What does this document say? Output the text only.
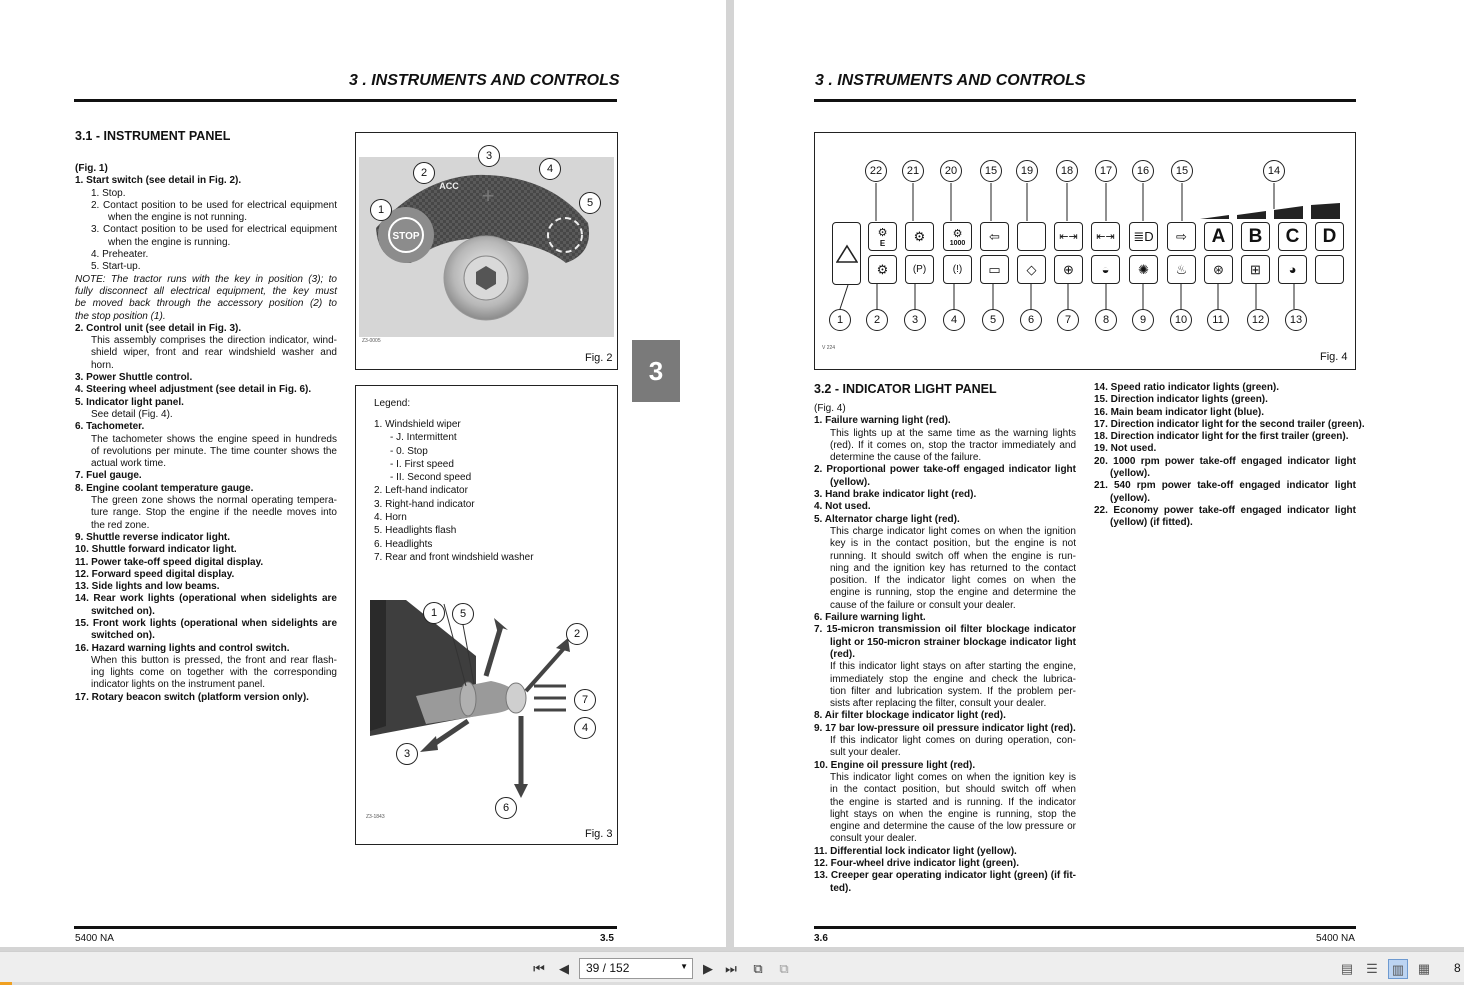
3 . INSTRUMENTS AND CONTROLS
3.1 - INSTRUMENT PANEL
(Fig. 1)
1. Start switch (see detail in Fig. 2).
1. Stop.
2. Contact position to be used for electrical equipment
when the engine is not running.
3. Contact position to be used for electrical equipment
when the engine is running.
4. Preheater.
5. Start-up.
NOTE: The tractor runs with the key in position (3); to
fully disconnect all electrical equipment, the key must
be moved back through the accessory position (2) to
the stop position (1).
2. Control unit (see detail in Fig. 3).
This assembly comprises the direction indicator, wind-
shield wiper, front and rear windshield washer and
horn.
3. Power Shuttle control.
4. Steering wheel adjustment (see detail in Fig. 6).
5. Indicator light panel.
See detail (Fig. 4).
6. Tachometer.
The tachometer shows the engine speed in hundreds
of revolutions per minute. The time counter shows the
actual work time.
7. Fuel gauge.
8. Engine coolant temperature gauge.
The green zone shows the normal operating tempera-
ture range. Stop the engine if the needle moves into
the red zone.
9. Shuttle reverse indicator light.
10. Shuttle forward indicator light.
11. Power take-off speed digital display.
12. Forward speed digital display.
13. Side lights and low beams.
14. Rear work lights (operational when sidelights are
switched on).
15. Front work lights (operational when sidelights are
switched on).
16. Hazard warning lights and control switch.
When this button is pressed, the front and rear flash-
ing lights come on together with the corresponding
indicator lights on the instrument panel.
17. Rotary beacon switch (platform version only).
STOP
ACC +
1
2
3
4
5
Z3-0005
Fig. 2
Legend:
1. Windshield wiper
- J. Intermittent
- 0. Stop
- I. First speed
- II. Second speed
2. Left-hand indicator
3. Right-hand indicator
4. Horn
5. Headlights flash
6. Headlights
7. Rear and front windshield washer
1	5
2
7
4
3
6
Z3-1843
Fig. 3
3
5400 NA	3.5
3 . INSTRUMENTS AND CONTROLS
22	21	20	15	19	18	17	16	15	14
⚙
E	⚙	⚙
1000	⇦	⇤⇥	⇤⇥	≣D	⇨	A	B	C	D
⚙	(P)	(!)	▭	◇	⊕	◒	✺	♨	⊛	⊞	◕
1	2	3	4	5	6	7	8	9	10	11	12	13
V 224
Fig. 4
3.2 - INDICATOR LIGHT PANEL
(Fig. 4)
1. Failure warning light (red).
This lights up at the same time as the warning lights
(red). If it comes on, stop the tractor immediately and
determine the cause of the failure.
2. Proportional power take-off engaged indicator light
(yellow).
3. Hand brake indicator light (red).
4. Not used.
5. Alternator charge light (red).
This charge indicator light comes on when the ignition
key is in the contact position, but the engine is not
running. It should switch off when the engine is run-
ning and the ignition key has returned to the contact
position. If the indicator light comes on when the
engine is running, stop the engine and determine the
cause of the failure or consult your dealer.
6. Failure warning light.
7. 15-micron transmission oil filter blockage indicator
light or 150-micron strainer blockage indicator light
(red).
If this indicator light stays on after starting the engine,
immediately stop the engine and check the lubrica-
tion filter and lubrication system. If the problem per-
sists after replacing the filter, consult your dealer.
8. Air filter blockage indicator light (red).
9. 17 bar low-pressure oil pressure indicator light (red).
If this indicator light comes on during operation, con-
sult your dealer.
10. Engine oil pressure light (red).
This indicator light comes on when the ignition key is
in the contact position, but should switch off when
the engine is started and is running. If the indicator
light stays on when the engine is running, stop the
engine and determine the cause of the low pressure or
consult your dealer.
11. Differential lock indicator light (yellow).
12. Four-wheel drive indicator light (green).
13. Creeper gear operating indicator light (green) (if fit-
ted).
14. Speed ratio indicator lights (green).
15. Direction indicator lights (green).
16. Main beam indicator light (blue).
17. Direction indicator light for the second trailer (green).
18. Direction indicator light for the first trailer (green).
19. Not used.
20. 1000 rpm power take-off engaged indicator light
(yellow).
21. 540 rpm power take-off engaged indicator light
(yellow).
22. Economy power take-off engaged indicator light
(yellow) (if fitted).
3.6	5400 NA
⏮	◀	39 / 152	▼	▶ ⏭	⧉	⧉	▤	☰	▥ ▦	8
